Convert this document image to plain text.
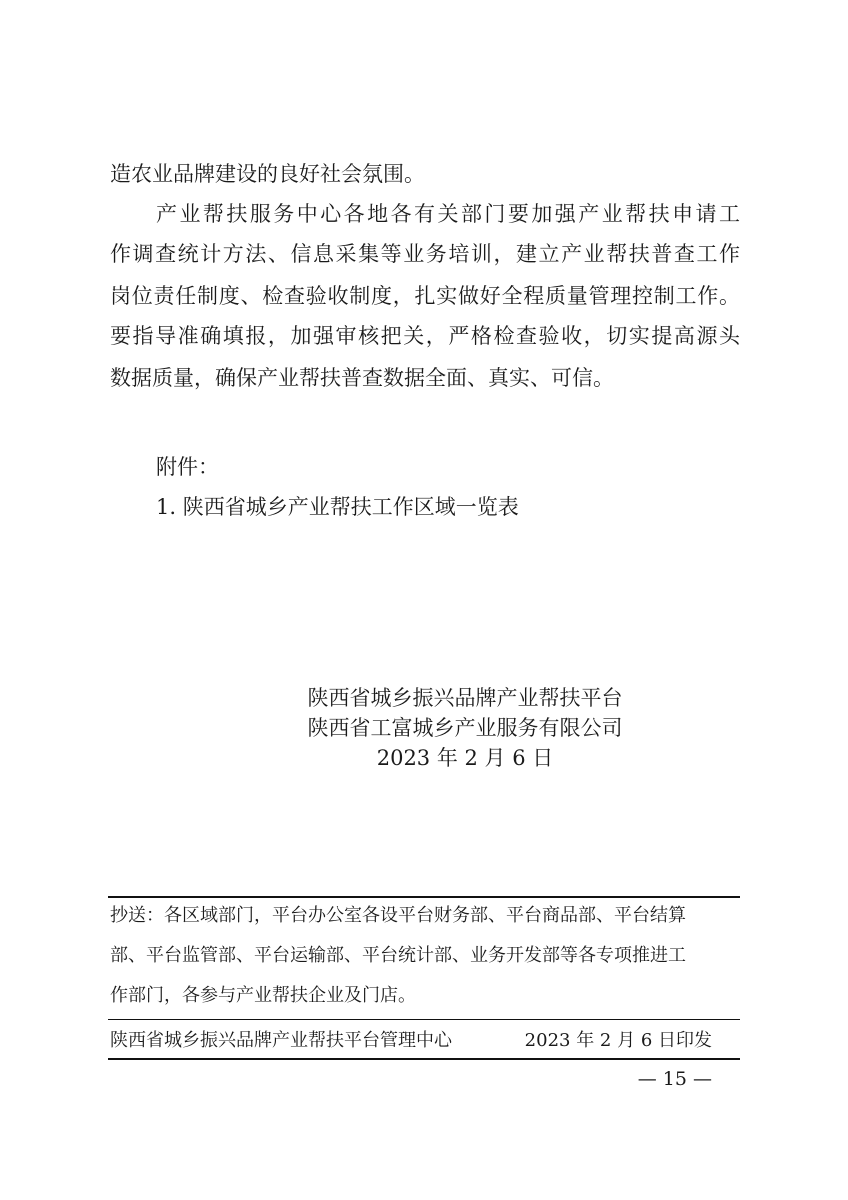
造农业品牌建设的良好社会氛围。
产业帮扶服务中心各地各有关部门要加强产业帮扶申请工
作调查统计方法、信息采集等业务培训，建立产业帮扶普查工作
岗位责任制度、检查验收制度，扎实做好全程质量管理控制工作。
要指导准确填报，加强审核把关，严格检查验收，切实提高源头
数据质量，确保产业帮扶普查数据全面、真实、可信。
附件：
1. 陕西省城乡产业帮扶工作区域一览表
陕西省城乡振兴品牌产业帮扶平台
陕西省工富城乡产业服务有限公司
2023 年 2 月 6 日
抄送：各区域部门，平台办公室各设平台财务部、平台商品部、平台结算
部、平台监管部、平台运输部、平台统计部、业务开发部等各专项推进工
作部门，各参与产业帮扶企业及门店。
陕西省城乡振兴品牌产业帮扶平台管理中心	2023 年 2 月 6 日印发
— 15 —
